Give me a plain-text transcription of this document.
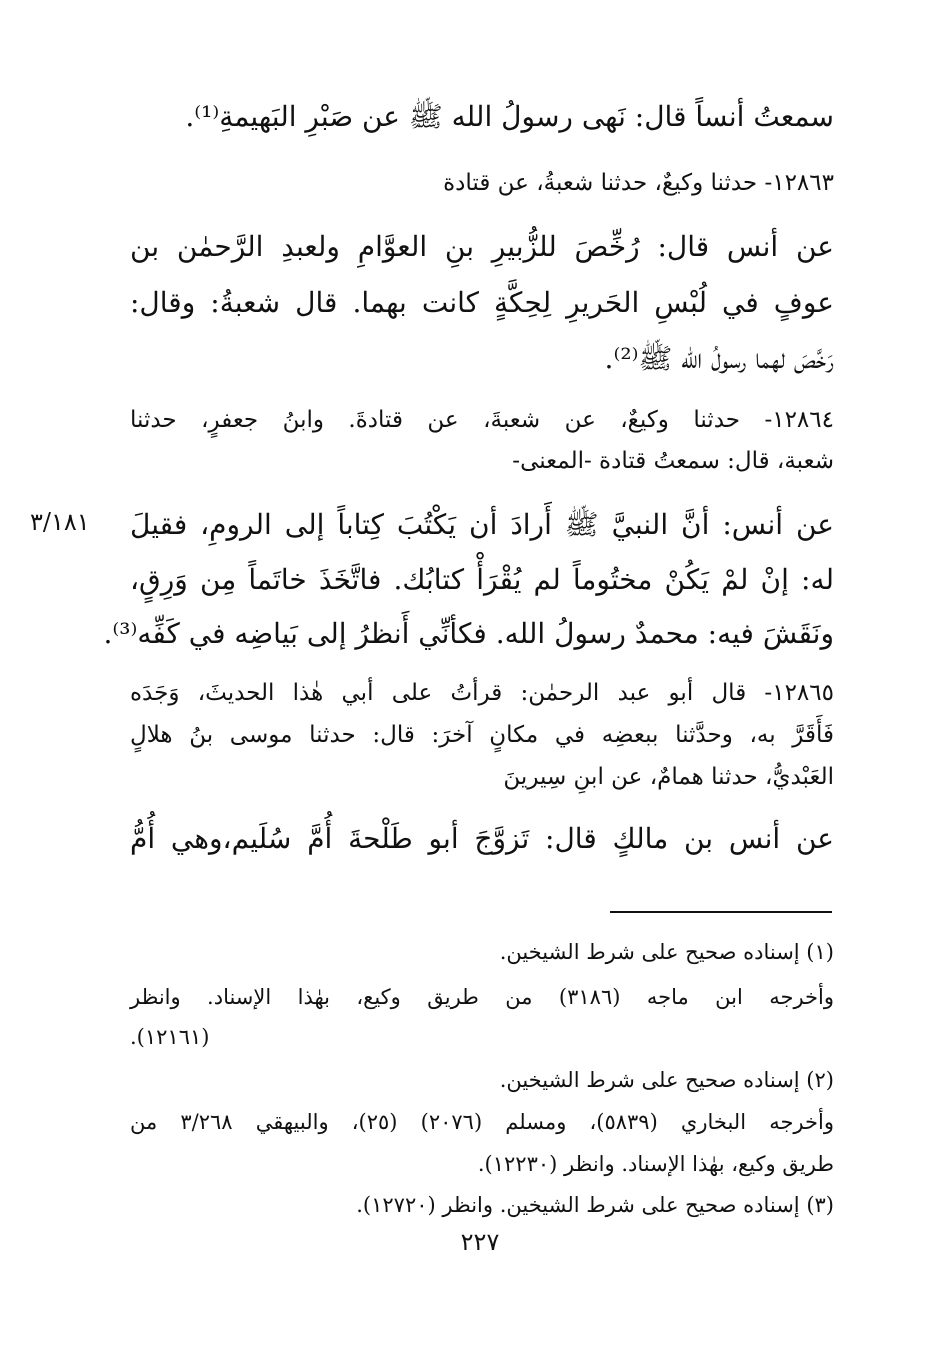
سمعتُ أنساً قال: نَهى رسولُ الله ﷺ عن صَبْرِ البَهيمةِ⁽¹⁾.
١٢٨٦٣- حدثنا وكيعٌ، حدثنا شعبةُ، عن قتادة
عن أنس قال: رُخِّصَ للزُّبيرِ بنِ العوَّامِ ولعبدِ الرَّحمٰن بن
عوفٍ في لُبْسِ الحَريرِ لِحِكَّةٍ كانت بهما. قال شعبةُ: وقال:
رَخَّصَ لهما رسولُ الله ﷺ⁽²⁾.
١٢٨٦٤- حدثنا وكيعٌ، عن شعبةَ، عن قتادةَ. وابنُ جعفرٍ، حدثنا
شعبة، قال: سمعتُ قتادة -المعنى-
٣/١٨١ عن أنس: أنَّ النبيَّ ﷺ أَرادَ أن يَكْتُبَ كِتاباً إلى الرومِ، فقيلَ
له: إنْ لمْ يَكُنْ مختُوماً لم يُقْرَأْ كتابُك. فاتَّخَذَ خاتَماً مِن وَرِقٍ،
ونَقَشَ فيه: محمدٌ رسولُ الله. فكأنِّي أَنظرُ إلى بَياضِه في كَفِّه⁽³⁾.
١٢٨٦٥- قال أبو عبد الرحمٰن: قرأتُ على أبي هٰذا الحديثَ، وَجَدَه
فَأَقَرَّ به، وحدَّثنا ببعضِه في مكانٍ آخرَ: قال: حدثنا موسى بنُ هلالٍ
العَبْديُّ، حدثنا همامٌ، عن ابنِ سِيرينَ
عن أنس بن مالكٍ قال: تَزوَّجَ أبو طَلْحةَ أُمَّ سُلَيم،وهي أُمُّ
(١) إسناده صحيح على شرط الشيخين.
وأخرجه ابن ماجه (٣١٨٦) من طريق وكيع، بهٰذا الإسناد. وانظر
(١٢١٦١).
(٢) إسناده صحيح على شرط الشيخين.
وأخرجه البخاري (٥٨٣٩)، ومسلم (٢٠٧٦) (٢٥)، والبيهقي ٣/٢٦٨ من
طريق وكيع، بهٰذا الإسناد. وانظر (١٢٢٣٠).
(٣) إسناده صحيح على شرط الشيخين. وانظر (١٢٧٢٠).
٢٢٧
